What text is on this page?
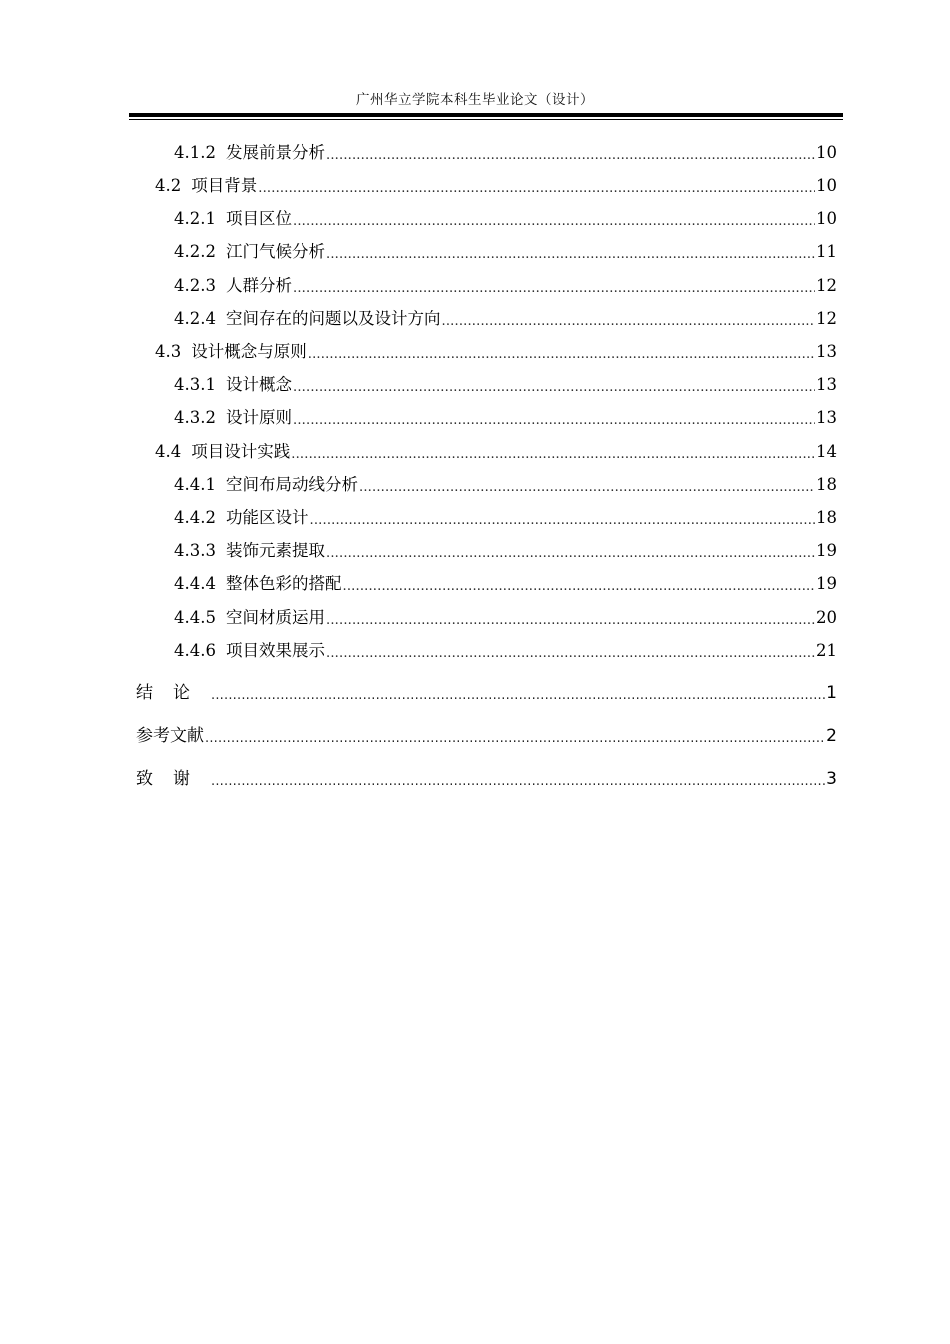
广州华立学院本科生毕业论文（设计）
4.1.2 发展前景分析 .....	10
4.2 项目背景 .....	10
4.2.1 项目区位 .....	10
4.2.2 江门气候分析 .....	11
4.2.3 人群分析 .....	12
4.2.4 空间存在的问题以及设计方向 .....	12
4.3 设计概念与原则 .....	13
4.3.1 设计概念 .....	13
4.3.2 设计原则 .....	13
4.4 项目设计实践 .....	14
4.4.1 空间布局动线分析 .....	18
4.4.2 功能区设计 .....	18
4.3.3 装饰元素提取 .....	19
4.4.4 整体色彩的搭配 .....	19
4.4.5 空间材质运用 .....	20
4.4.6 项目效果展示 .....	21
结论 .....	1
参考文献 .....	2
致谢 .....	3
